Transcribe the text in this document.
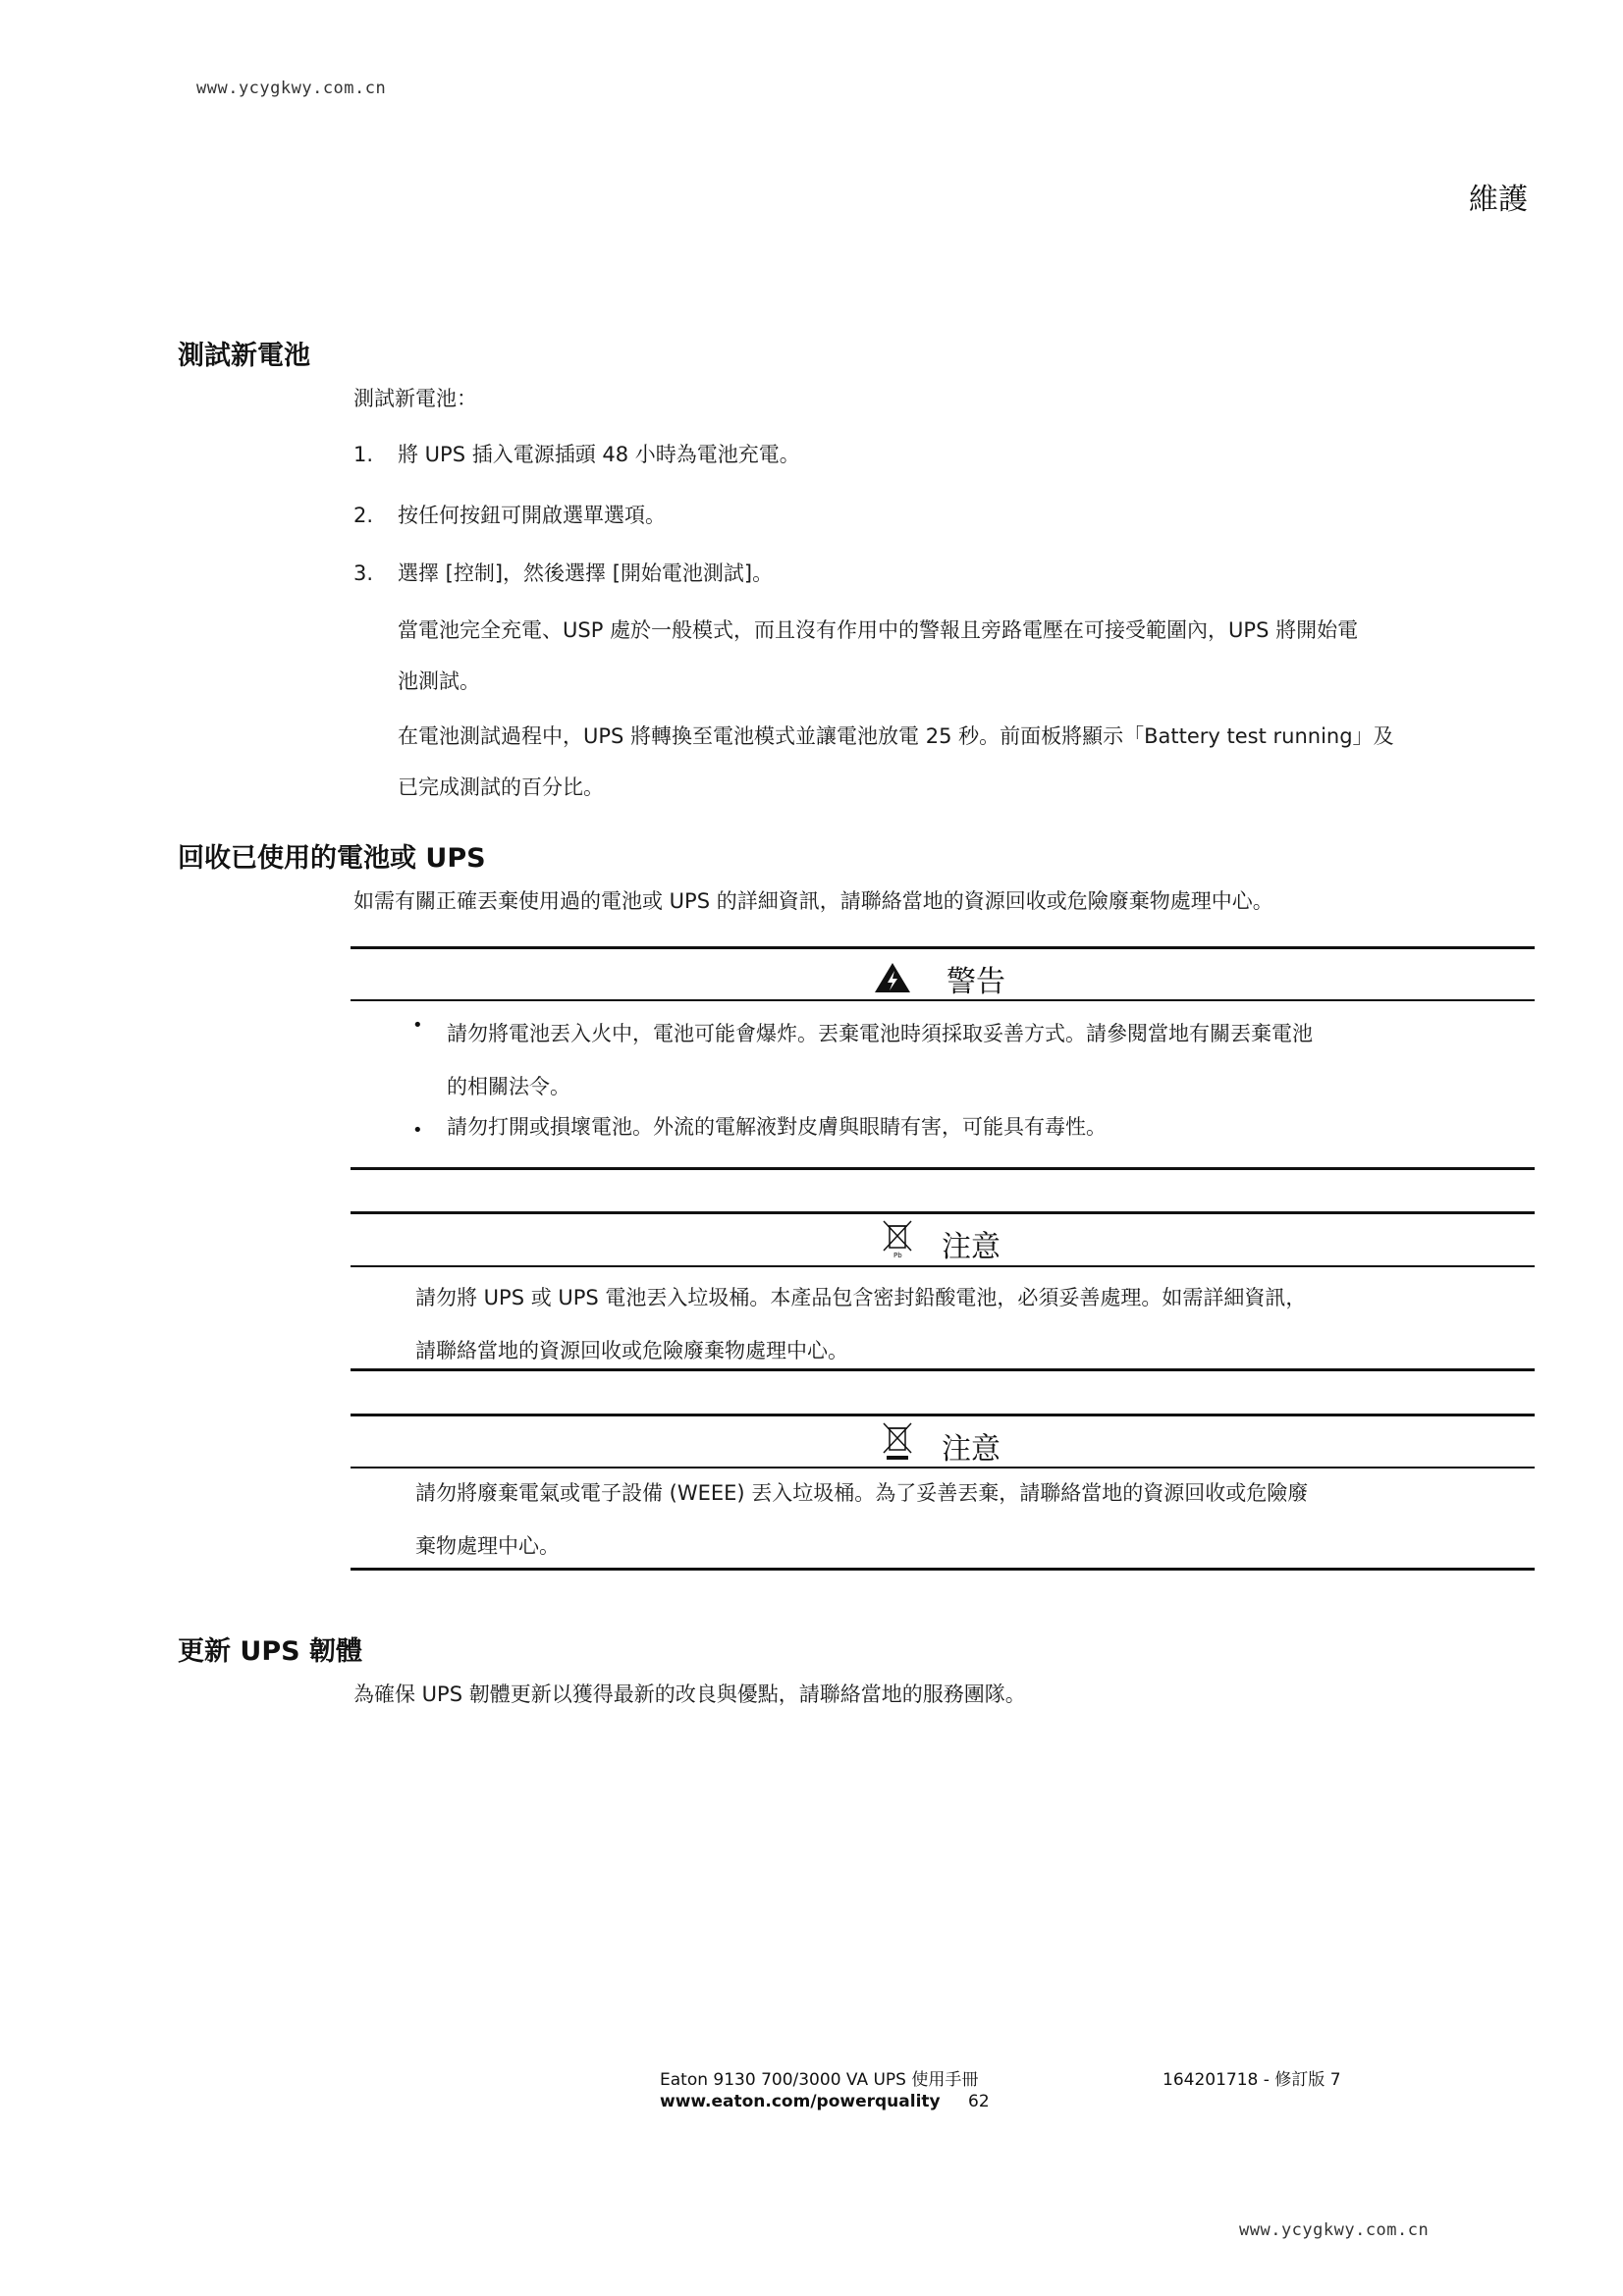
www.ycygkwy.com.cn
維護
測試新電池
測試新電池：
1. 將 UPS 插入電源插頭 48 小時為電池充電。
2. 按任何按鈕可開啟選單選項。
3. 選擇 [控制]，然後選擇 [開始電池測試]。
當電池完全充電、USP 處於一般模式，而且沒有作用中的警報且旁路電壓在可接受範圍內，UPS 將開始電
池測試。
在電池測試過程中，UPS 將轉換至電池模式並讓電池放電 25 秒。前面板將顯示「Battery test running」及
已完成測試的百分比。
回收已使用的電池或 UPS
如需有關正確丟棄使用過的電池或 UPS 的詳細資訊，請聯絡當地的資源回收或危險廢棄物處理中心。
警告
• 請勿將電池丟入火中，電池可能會爆炸。丟棄電池時須採取妥善方式。請參閱當地有關丟棄電池
的相關法令。
• 請勿打開或損壞電池。外流的電解液對皮膚與眼睛有害，可能具有毒性。
Pb 注意
請勿將 UPS 或 UPS 電池丟入垃圾桶。本產品包含密封鉛酸電池，必須妥善處理。如需詳細資訊，
請聯絡當地的資源回收或危險廢棄物處理中心。
注意
請勿將廢棄電氣或電子設備 (WEEE) 丟入垃圾桶。為了妥善丟棄，請聯絡當地的資源回收或危險廢
棄物處理中心。
更新 UPS 韌體
為確保 UPS 韌體更新以獲得最新的改良與優點，請聯絡當地的服務團隊。
Eaton 9130 700/3000 VA UPS 使用手冊	164201718 - 修訂版 7
www.eaton.com/powerquality 62
www.ycygkwy.com.cn
